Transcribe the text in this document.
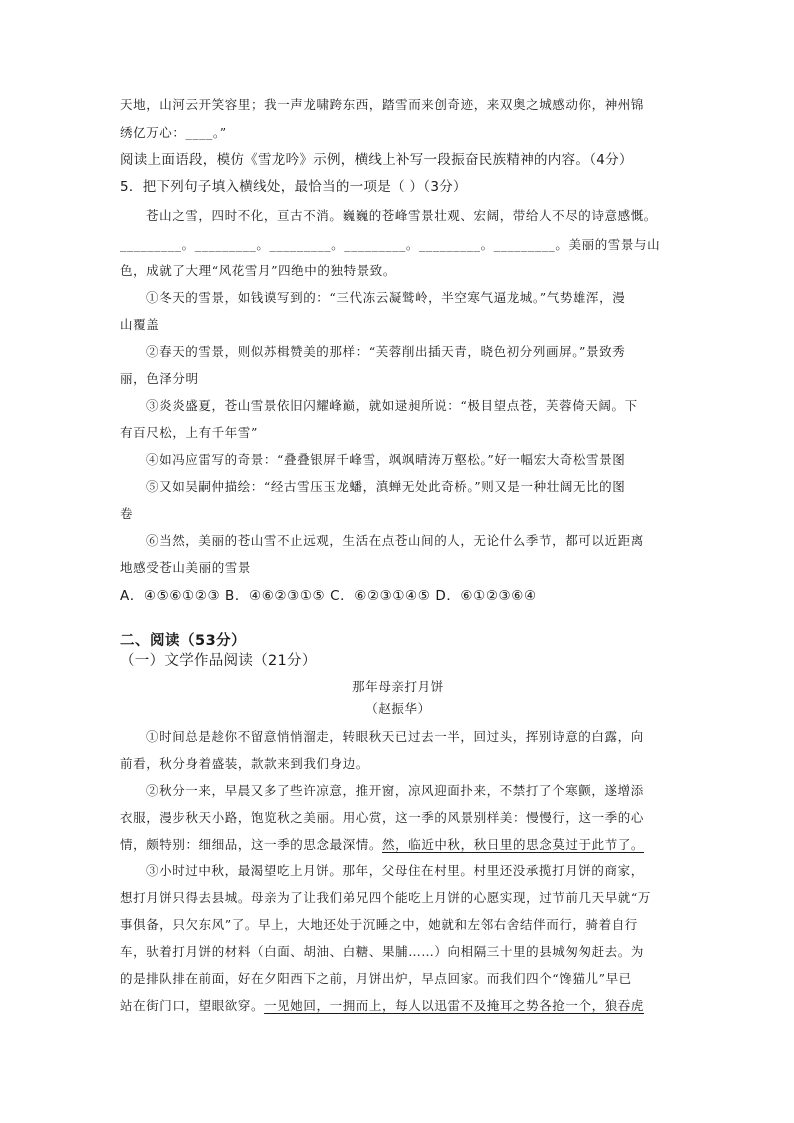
天地，山河云开笑容里；我一声龙啸跨东西，踏雪而来创奇迹，来双奥之城感动你，神州锦
绣亿万心：____。”
阅读上面语段，模仿《雪龙吟》示例，横线上补写一段振奋民族精神的内容。（4分）
5．把下列句子填入横线处，最恰当的一项是（ ）（3分）
苍山之雪，四时不化，亘古不消。巍巍的苍峰雪景壮观、宏阔，带给人不尽的诗意感慨。
_________。_________。_________。_________。_________。_________。美丽的雪景与山
色，成就了大理“风花雪月”四绝中的独特景致。
①冬天的雪景，如钱谟写到的：“三代冻云凝鹫岭，半空寒气逼龙城。”气势雄浑，漫
山覆盖
②春天的雪景，则似苏楫赞美的那样：“芙蓉削出插天青，晓色初分列画屏。”景致秀
丽，色泽分明
③炎炎盛夏，苍山雪景依旧闪耀峰巅，就如逯昶所说：“极目望点苍，芙蓉倚天阔。下
有百尺松，上有千年雪”
④如冯应雷写的奇景：“叠叠银屏千峰雪，飒飒晴涛万壑松。”好一幅宏大奇松雪景图
⑤又如吴嗣仲描绘：“经古雪压玉龙蟠，滇蝉无处此奇桥。”则又是一种壮阔无比的图
卷
⑥当然，美丽的苍山雪不止远观，生活在点苍山间的人，无论什么季节，都可以近距离
地感受苍山美丽的雪景
A．④⑤⑥①②③ B．④⑥②③①⑤ C．⑥②③①④⑤ D．⑥①②③⑥④
二、阅读（53分）
（一）文学作品阅读（21分）
那年母亲打月饼
（赵振华）
①时间总是趁你不留意悄悄溜走，转眼秋天已过去一半，回过头，挥别诗意的白露，向
前看，秋分身着盛装，款款来到我们身边。
②秋分一来，早晨又多了些许凉意，推开窗，凉风迎面扑来，不禁打了个寒颤，遂增添
衣服，漫步秋天小路，饱览秋之美丽。用心赏，这一季的风景别样美：慢慢行，这一季的心
情，颇特别：细细品，这一季的思念最深情。然，临近中秋，秋日里的思念莫过于此节了。
③小时过中秋，最渴望吃上月饼。那年，父母住在村里。村里还没承揽打月饼的商家，
想打月饼只得去县城。母亲为了让我们弟兄四个能吃上月饼的心愿实现，过节前几天早就“万
事俱备，只欠东风”了。早上，大地还处于沉睡之中，她就和左邻右舍结伴而行，骑着自行
车，驮着打月饼的材料（白面、胡油、白糖、果脯……）向相隔三十里的县城匆匆赶去。为
的是排队排在前面，好在夕阳西下之前，月饼出炉，早点回家。而我们四个“馋猫儿”早已
站在街门口，望眼欲穿。一见她回，一拥而上，每人以迅雷不及掩耳之势各抢一个，狼吞虎
